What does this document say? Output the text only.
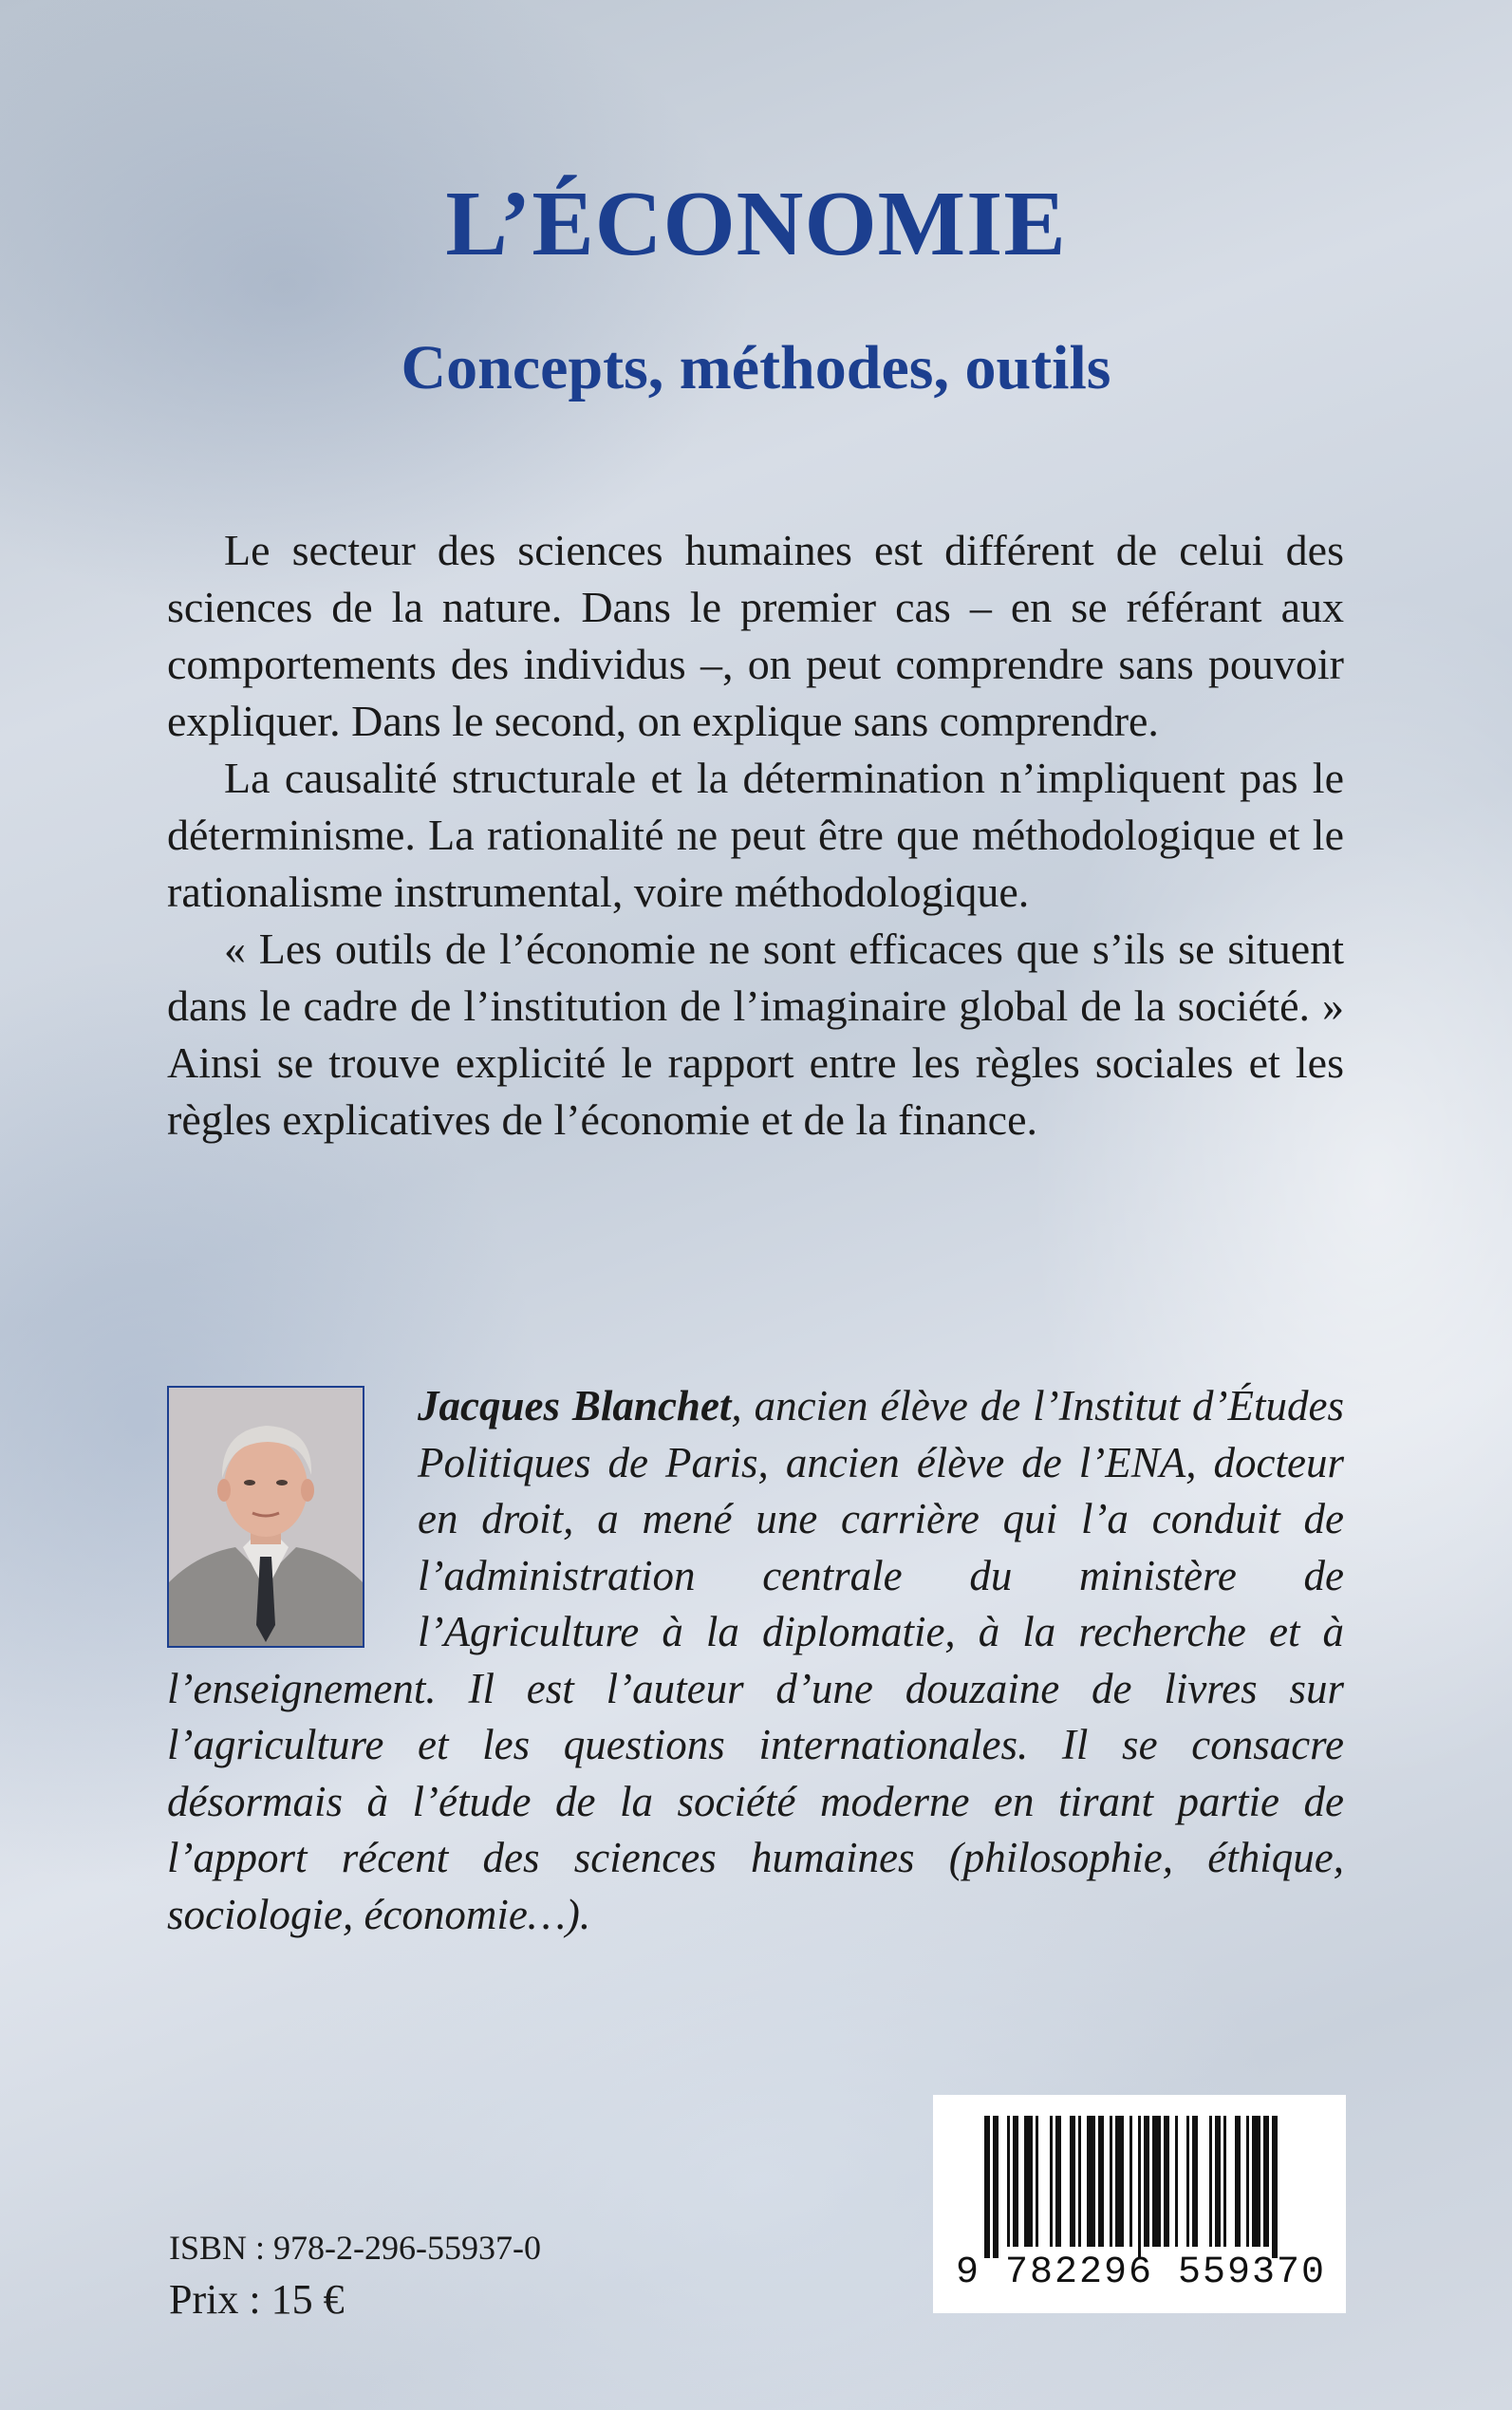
L’ÉCONOMIE
Concepts, méthodes, outils

Le secteur des sciences humaines est différent de celui des sciences de la nature. Dans le premier cas – en se référant aux comportements des individus –, on peut comprendre sans pouvoir expliquer. Dans le second, on explique sans comprendre.

La causalité structurale et la détermination n’impliquent pas le déterminisme. La rationalité ne peut être que méthodologique et le rationalisme instrumental, voire méthodologique.

« Les outils de l’économie ne sont efficaces que s’ils se situent dans le cadre de l’institution de l’imaginaire global de la société. » Ainsi se trouve explicité le rapport entre les règles sociales et les règles explicatives de l’économie et de la finance.

Jacques Blanchet, ancien élève de l’Institut d’Études Politiques de Paris, ancien élève de l’ENA, docteur en droit, a mené une carrière qui l’a conduit de l’administration centrale du ministère de l’Agriculture à la diplomatie, à la recherche et à l’enseignement. Il est l’auteur d’une douzaine de livres sur l’agriculture et les questions internationales. Il se consacre désormais à l’étude de la société moderne en tirant partie de l’apport récent des sciences humaines (philosophie, éthique, sociologie, économie…).

ISBN : 978-2-296-55937-0

Prix : 15 €

9 782296 559370
